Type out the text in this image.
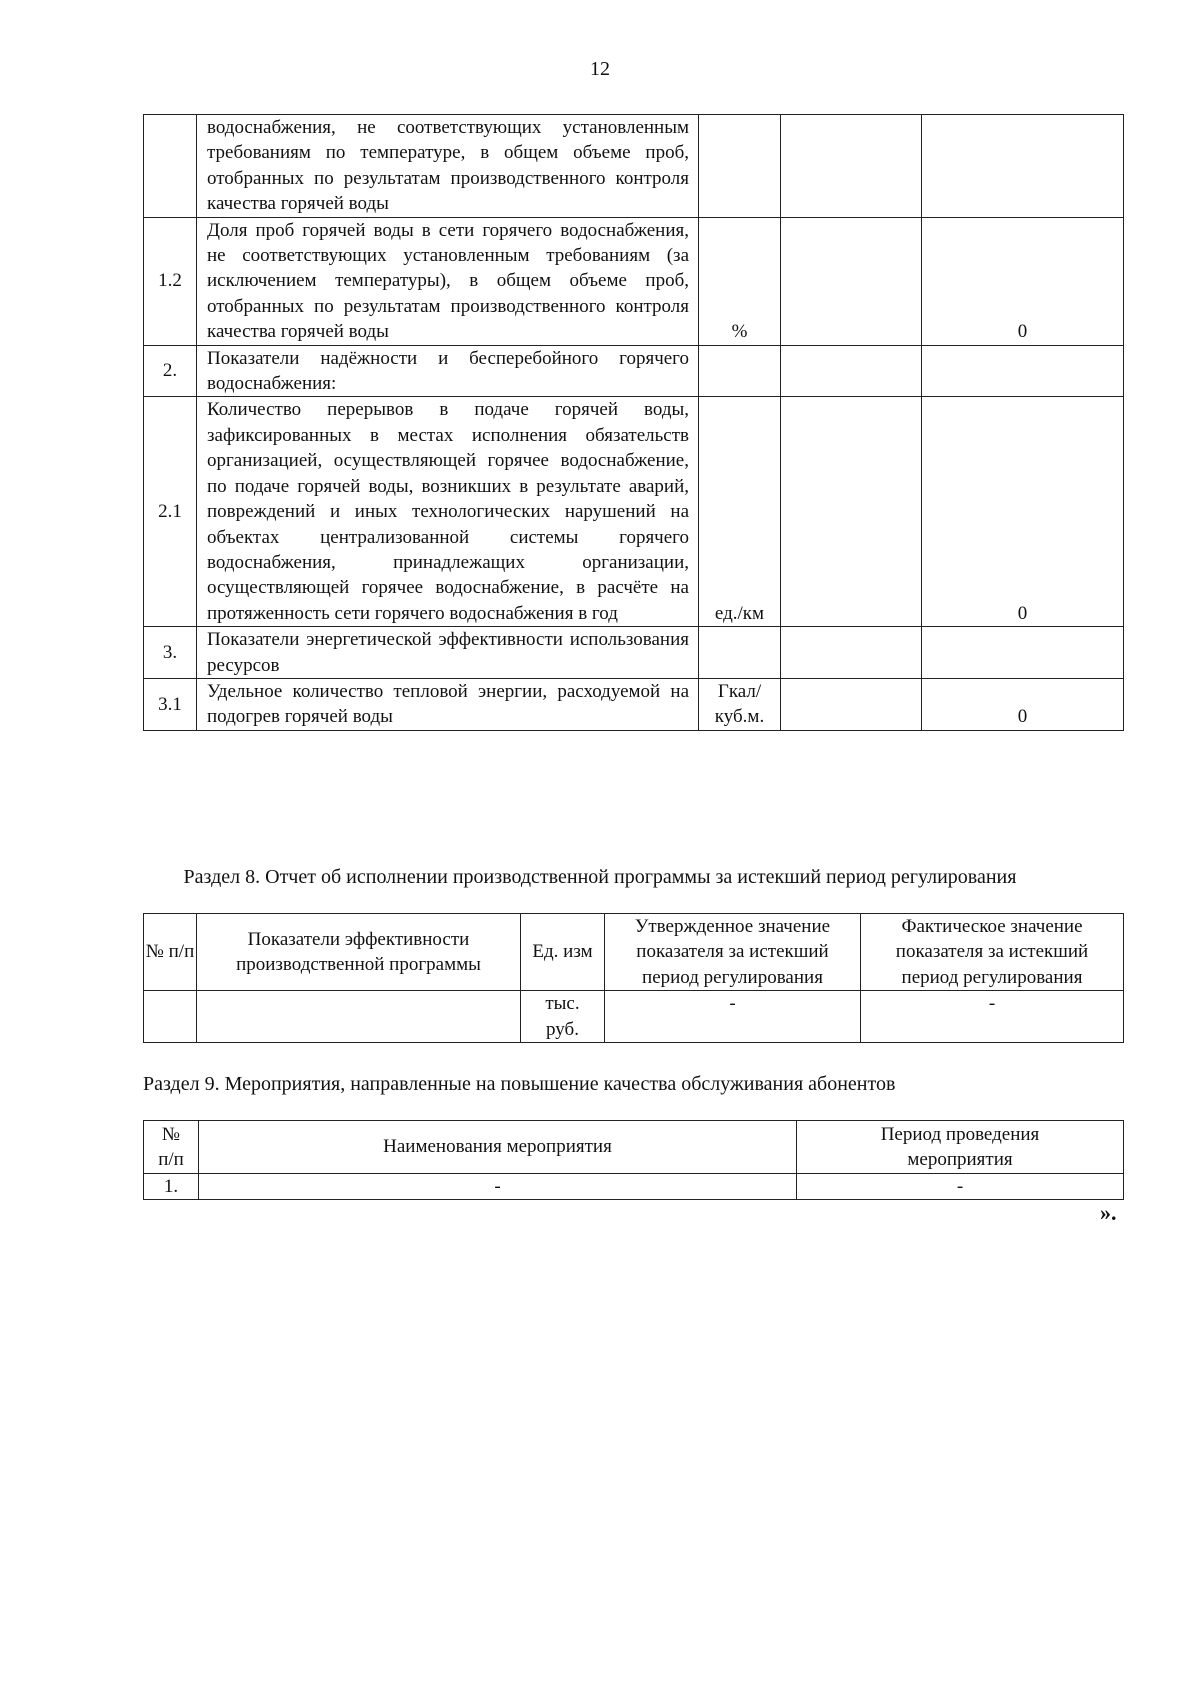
12
	водоснабжения, не соответствующих установленным требованиям по температуре, в общем объеме проб, отобранных по результатам производственного контроля качества горячей воды			
1.2	Доля проб горячей воды в сети горячего водоснабжения, не соответствующих установленным требованиям (за исключением температуры), в общем объеме проб, отобранных по результатам производственного контроля качества горячей воды	%		0
2.	Показатели надёжности и бесперебойного горячего водоснабжения:			
2.1	Количество перерывов в подаче горячей воды, зафиксированных в местах исполнения обязательств организацией, осуществляющей горячее водоснабжение, по подаче горячей воды, возникших в результате аварий, повреждений и иных технологических нарушений на объектах централизованной системы горячего водоснабжения, принадлежащих организации, осуществляющей горячее водоснабжение, в расчёте на протяженность сети горячего водоснабжения в год	ед./км		0
3.	Показатели энергетической эффективности использования ресурсов			
3.1	Удельное количество тепловой энергии, расходуемой на подогрев горячей воды	Гкал/ куб.м.		0
Раздел 8. Отчет об исполнении производственной программы за истекший период регулирования
№ п/п	Показатели эффективности производственной программы	Ед. изм	Утвержденное значение показателя за истекший период регулирования	Фактическое значение показателя за истекший период регулирования
		тыс. руб.	-	-
Раздел 9. Мероприятия, направленные на повышение качества обслуживания абонентов
№ п/п	Наименования мероприятия	Период проведения мероприятия
1.	-	-
».
